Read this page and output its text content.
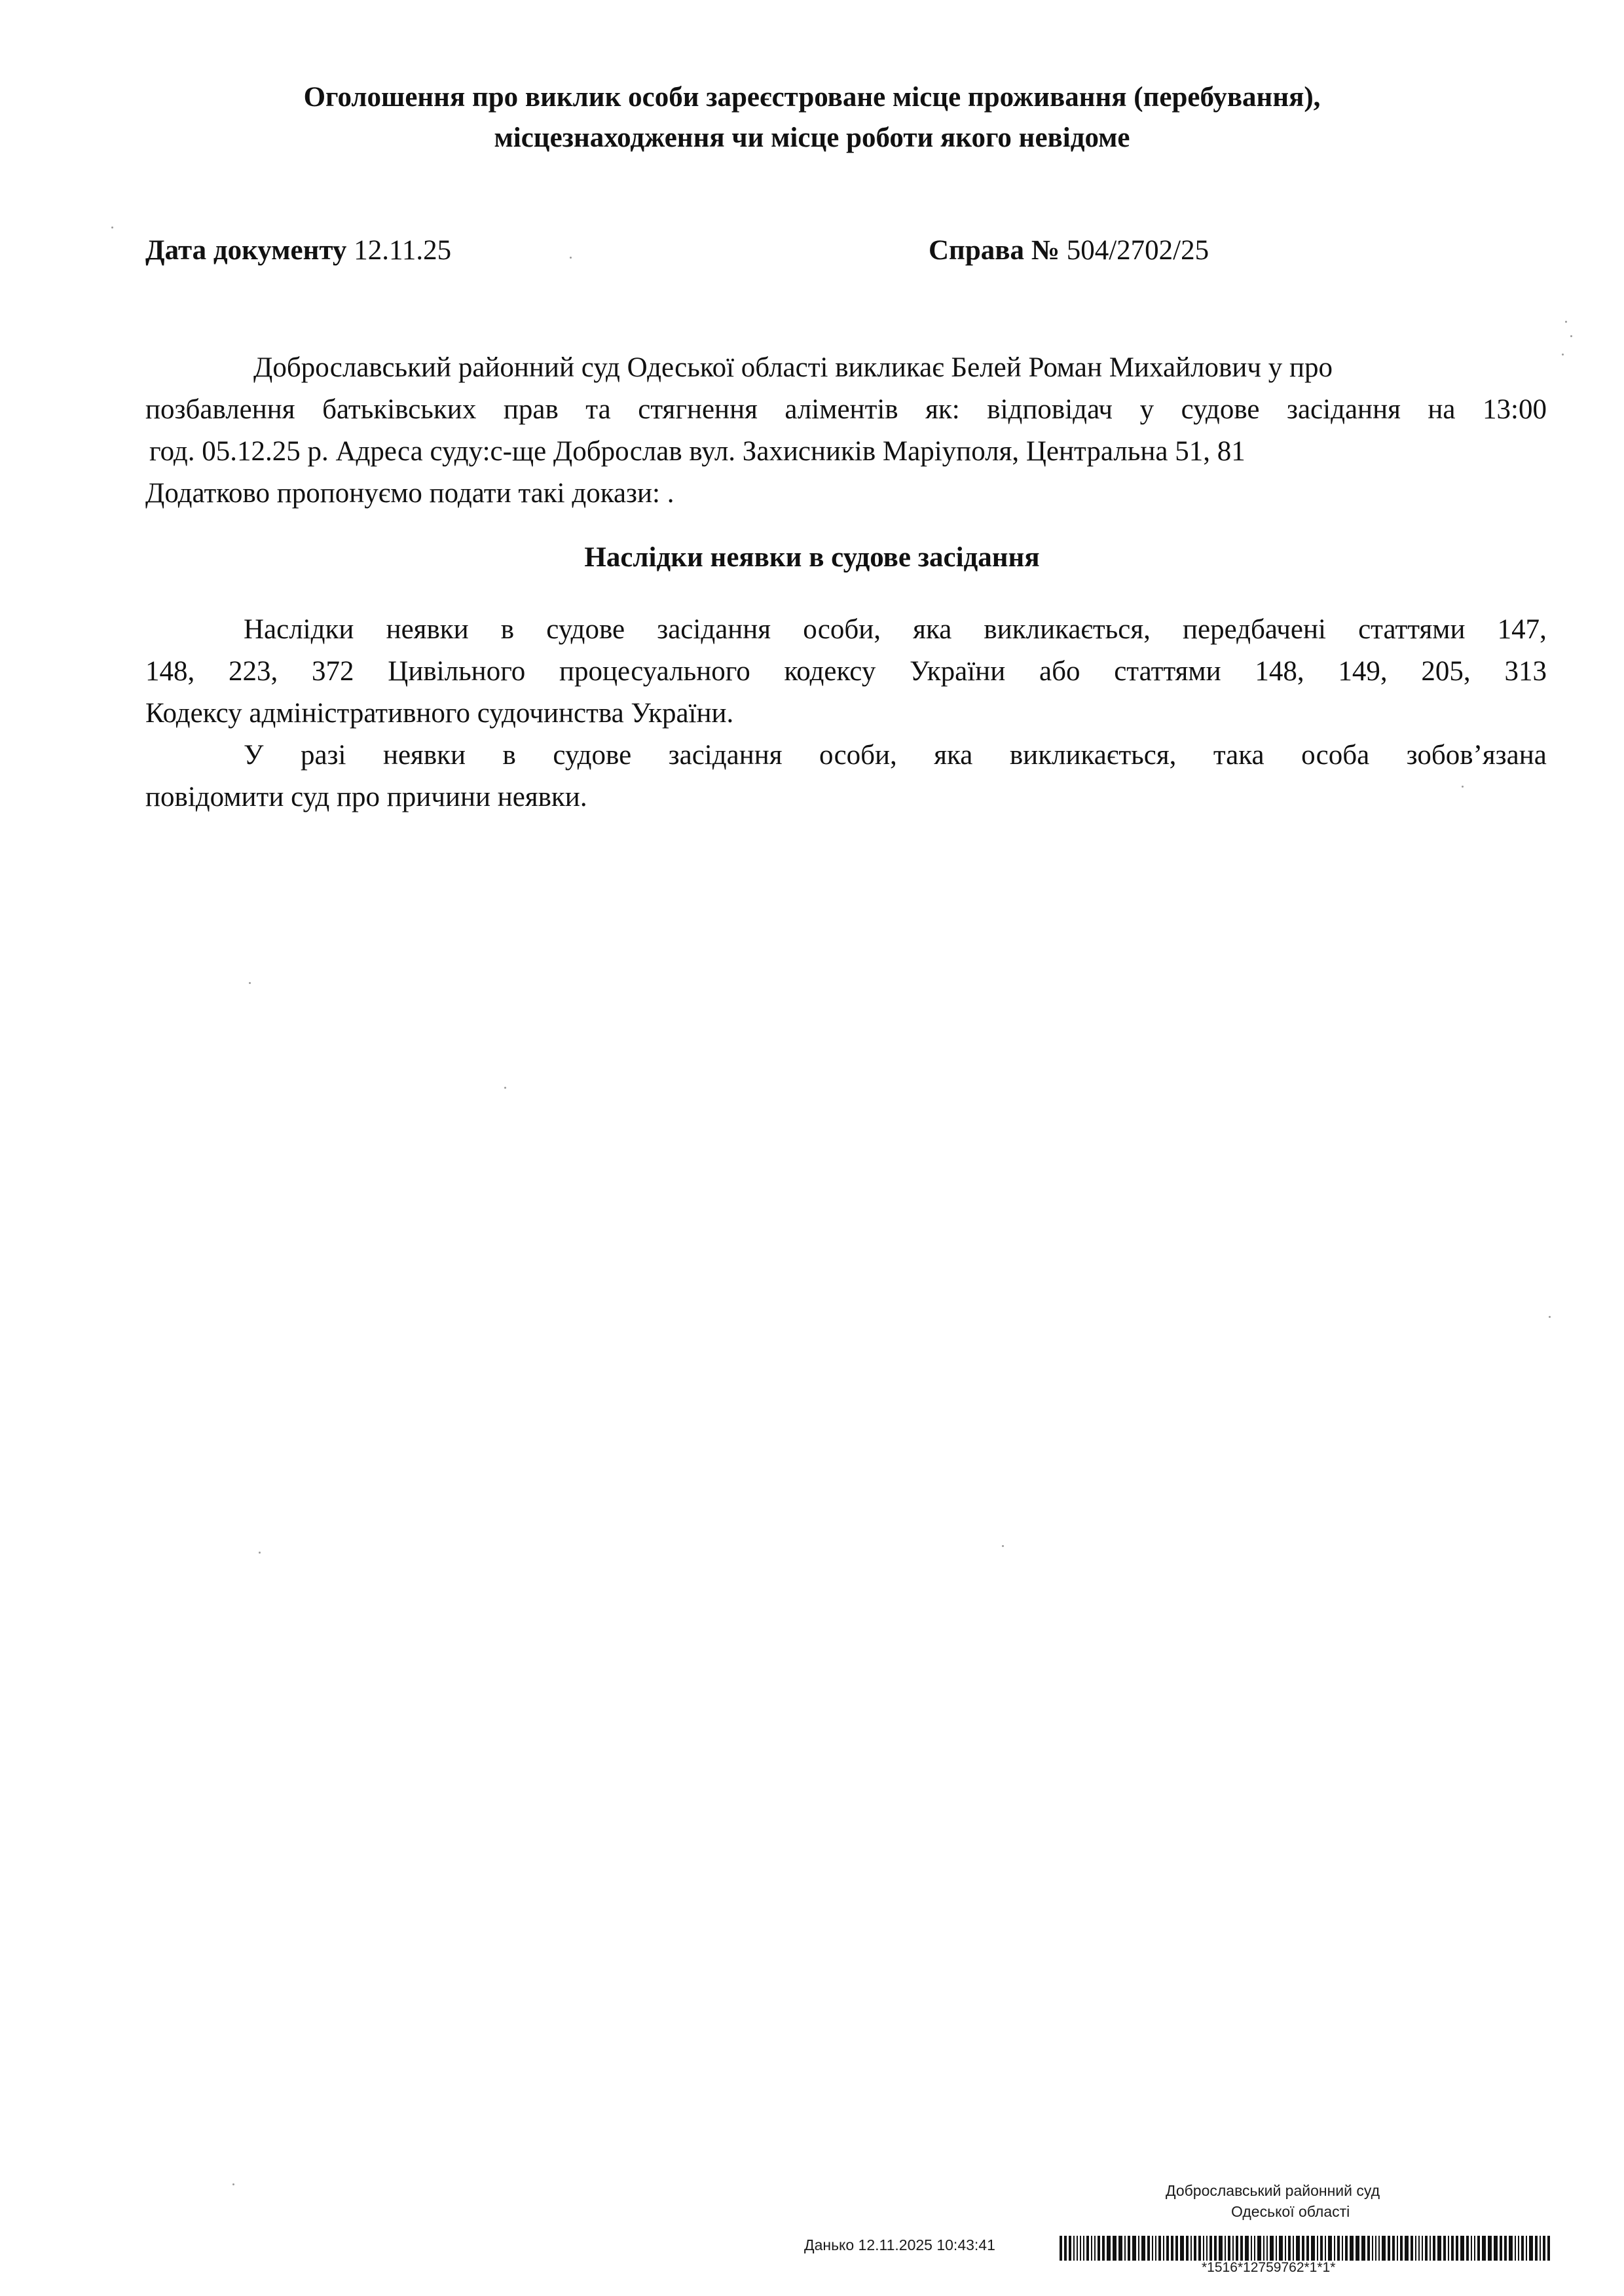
Оголошення про виклик особи зареєстроване місце проживання (перебування),
місцезнаходження чи місце роботи якого невідоме
Дата документу 12.11.25	Справа № 504/2702/25
Доброславський районний суд Одеської області викликає Белей Роман Михайлович у про
позбавлення батьківських прав та стягнення аліментів як: відповідач у судове засідання на 13:00
год. 05.12.25 р. Адреса суду:с-ще Доброслав вул. Захисників Маріуполя, Центральна 51, 81
Додатково пропонуємо подати такі докази: .
Наслідки неявки в судове засідання
Наслідки неявки в судове засідання особи, яка викликається, передбачені статтями 147,
148, 223, 372 Цивільного процесуального кодексу України або статтями 148, 149, 205, 313
Кодексу адміністративного судочинства України.
У разі неявки в судове засідання особи, яка викликається, така особа зобов’язана
повідомити суд про причини неявки.
Доброславський районний суд
Одеської області
Данько 12.11.2025 10:43:41
*1516*12759762*1*1*
